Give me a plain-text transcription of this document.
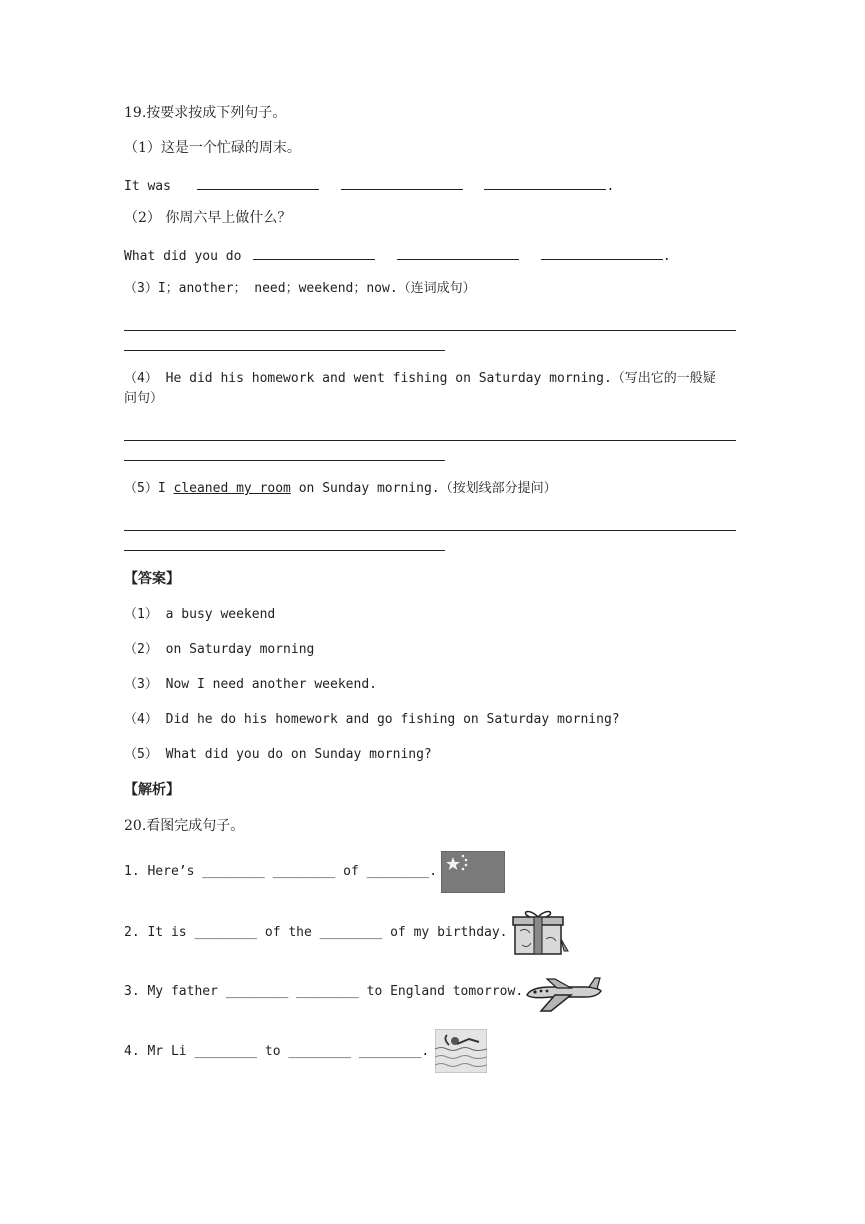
19.按要求按成下列句子。
（1）这是一个忙碌的周末。
It was	.
（2） 你周六早上做什么？
What did you do	.
（3）I；another； need；weekend；now.（连词成句）
（4） He did his homework and went fishing on Saturday morning.（写出它的一般疑
问句）
（5）I cleaned my room on Sunday morning.（按划线部分提问）
【答案】
（1） a busy weekend
（2） on Saturday morning
（3） Now I need another weekend.
（4） Did he do his homework and go fishing on Saturday morning?
（5） What did you do on Sunday morning?
【解析】
20.看图完成句子。
1. Here’s ________ ________ of ________.
2. It is ________ of the ________ of my birthday.
3. My father ________ ________ to England tomorrow.
4. Mr Li ________ to ________ ________.
